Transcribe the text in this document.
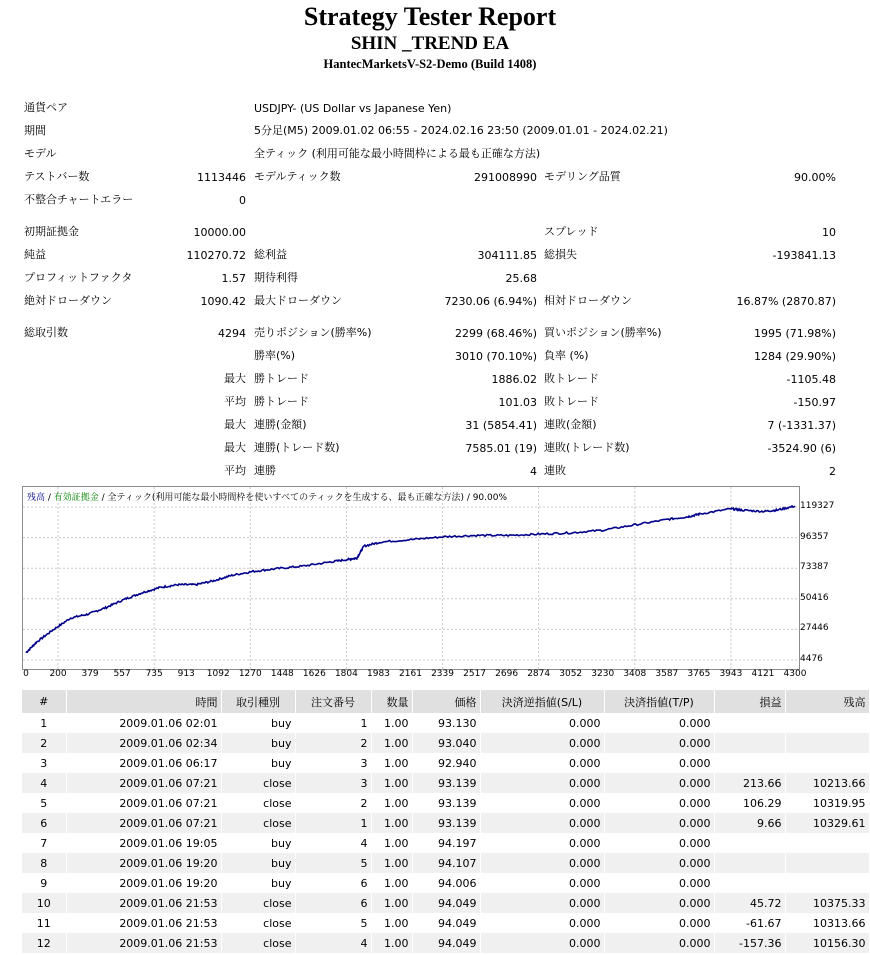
Strategy Tester Report
SHIN _TREND EA
HantecMarketsV-S2-Demo (Build 1408)
通貨ペア	USDJPY- (US Dollar vs Japanese Yen)
期間	5分足(M5) 2009.01.02 06:55 - 2024.02.16 23:50 (2009.01.01 - 2024.02.21)
モデル	全ティック (利用可能な最小時間枠による最も正確な方法)
テストバー数	1113446 モデルティック数	291008990 モデリング品質	90.00%
不整合チャートエラー	0
初期証拠金	10000.00	スプレッド	10
純益	110270.72 総利益	304111.85 総損失	-193841.13
プロフィットファクタ	1.57 期待利得	25.68
絶対ドローダウン	1090.42 最大ドローダウン	7230.06 (6.94%) 相対ドローダウン	16.87% (2870.87)
総取引数	4294 売りポジション(勝率%)	2299 (68.46%) 買いポジション(勝率%)	1995 (71.98%)
勝率(%)	3010 (70.10%) 負率 (%)	1284 (29.90%)
最大 勝トレード	1886.02 敗トレード	-1105.48
平均 勝トレード	101.03 敗トレード	-150.97
最大 連勝(金額)	31 (5854.41) 連敗(金額)	7 (-1331.37)
最大 連勝(トレード数)	7585.01 (19) 連敗(トレード数)	-3524.90 (6)
平均 連勝	4 連敗	2
残高 / 有効証拠金 / 全ティック(利用可能な最小時間枠を使いすべてのティックを生成する、最も正確な方法) / 90.00%
119327
96357
73387
50416
27446
4476
0 200 379 557 735 913 1092 1270 1448 1626 1804 1983 2161 2339 2517 2696 2874 3052 3230 3408 3587 3765 3943 4121 4300
#	時間	取引種別	注文番号	数量	価格	決済逆指値(S/L)	決済指値(T/P)	損益	残高
1	2009.01.06 02:01	buy	1	1.00	93.130	0.000	0.000		
2	2009.01.06 02:34	buy	2	1.00	93.040	0.000	0.000		
3	2009.01.06 06:17	buy	3	1.00	92.940	0.000	0.000		
4	2009.01.06 07:21	close	3	1.00	93.139	0.000	0.000	213.66	10213.66
5	2009.01.06 07:21	close	2	1.00	93.139	0.000	0.000	106.29	10319.95
6	2009.01.06 07:21	close	1	1.00	93.139	0.000	0.000	9.66	10329.61
7	2009.01.06 19:05	buy	4	1.00	94.197	0.000	0.000		
8	2009.01.06 19:20	buy	5	1.00	94.107	0.000	0.000		
9	2009.01.06 19:20	buy	6	1.00	94.006	0.000	0.000		
10	2009.01.06 21:53	close	6	1.00	94.049	0.000	0.000	45.72	10375.33
11	2009.01.06 21:53	close	5	1.00	94.049	0.000	0.000	-61.67	10313.66
12	2009.01.06 21:53	close	4	1.00	94.049	0.000	0.000	-157.36	10156.30
